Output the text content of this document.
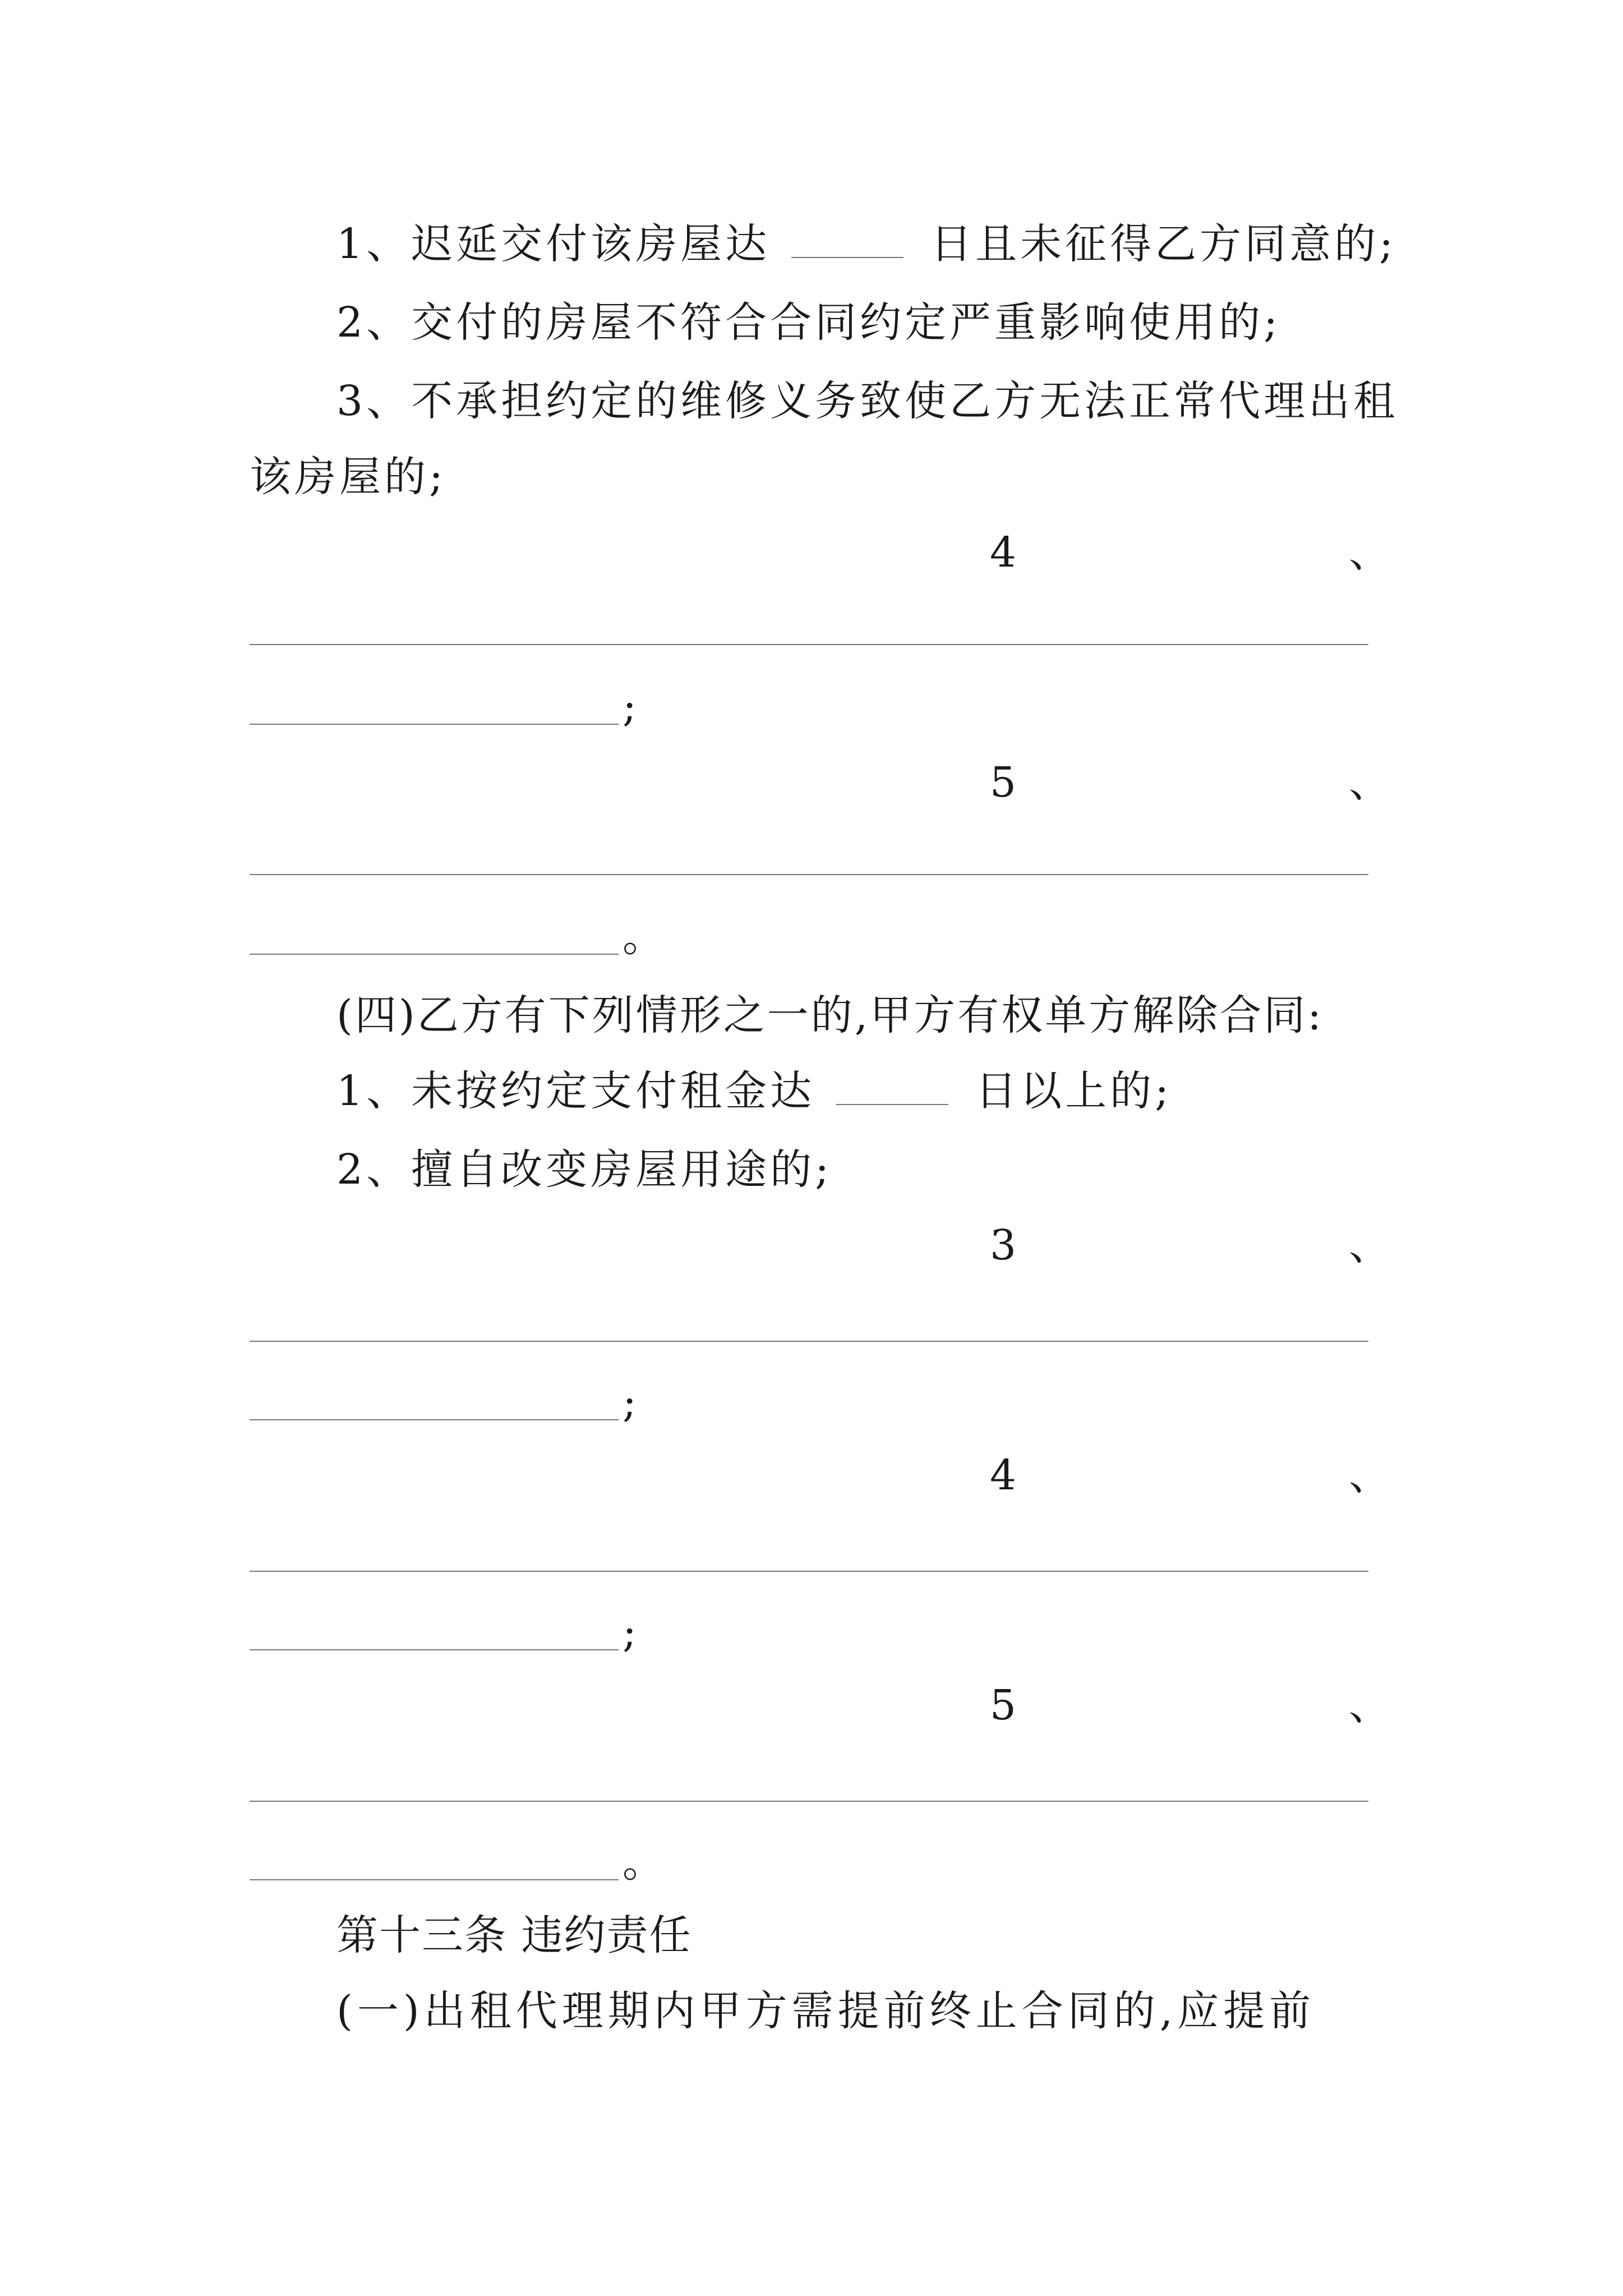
1、迟延交付该房屋达	日且未征得乙方同意的;
2、交付的房屋不符合合同约定严重影响使用的;
3、不承担约定的维修义务致使乙方无法正常代理出租
该房屋的;
4	、
;
5	、
。
(四)乙方有下列情形之一的,甲方有权单方解除合同:
1、未按约定支付租金达	日以上的;
2、擅自改变房屋用途的;
3	、
;
4	、
;
5	、
。
第十三条 违约责任
(一)出租代理期内甲方需提前终止合同的,应提前
